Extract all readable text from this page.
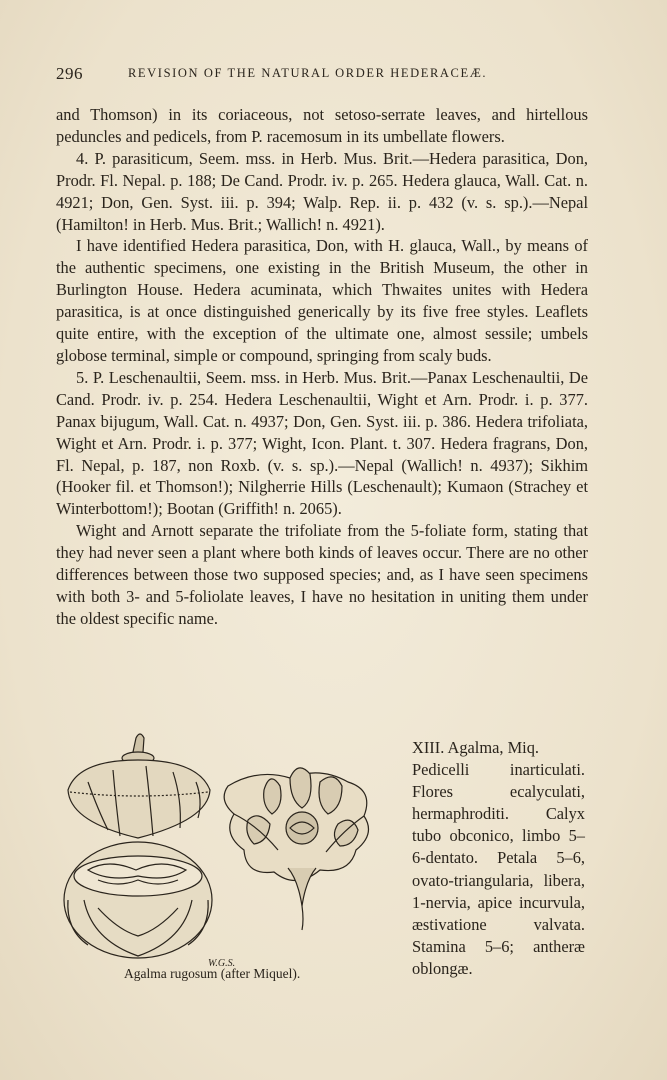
296	REVISION OF THE NATURAL ORDER HEDERACEÆ.

and Thomson) in its coriaceous, not setoso-serrate leaves, and hirtellous peduncles and pedicels, from P. racemosum in its umbellate flowers.

4. P. parasiticum, Seem. mss. in Herb. Mus. Brit.—Hedera parasitica, Don, Prodr. Fl. Nepal. p. 188; De Cand. Prodr. iv. p. 265. Hedera glauca, Wall. Cat. n. 4921; Don, Gen. Syst. iii. p. 394; Walp. Rep. ii. p. 432 (v. s. sp.).—Nepal (Hamilton! in Herb. Mus. Brit.; Wallich! n. 4921).

I have identified Hedera parasitica, Don, with H. glauca, Wall., by means of the authentic specimens, one existing in the British Museum, the other in Burlington House. Hedera acuminata, which Thwaites unites with Hedera parasitica, is at once distinguished generically by its five free styles. Leaflets quite entire, with the exception of the ultimate one, almost sessile; umbels globose terminal, simple or compound, springing from scaly buds.

5. P. Leschenaultii, Seem. mss. in Herb. Mus. Brit.—Panax Leschenaultii, De Cand. Prodr. iv. p. 254. Hedera Leschenaultii, Wight et Arn. Prodr. i. p. 377. Panax bijugum, Wall. Cat. n. 4937; Don, Gen. Syst. iii. p. 386. Hedera trifoliata, Wight et Arn. Prodr. i. p. 377; Wight, Icon. Plant. t. 307. Hedera fragrans, Don, Fl. Nepal, p. 187, non Roxb. (v. s. sp.).—Nepal (Wallich! n. 4937); Sikhim (Hooker fil. et Thomson!); Nilgherrie Hills (Leschenault); Kumaon (Strachey et Winterbottom!); Bootan (Griffith! n. 2065).

Wight and Arnott separate the trifoliate from the 5-foliate form, stating that they had never seen a plant where both kinds of leaves occur. There are no other differences between those two supposed species; and, as I have seen specimens with both 3- and 5-foliolate leaves, I have no hesitation in uniting them under the oldest specific name.

W.G.S.
Agalma rugosum (after Miquel).
XIII. Agalma, Miq.
Pedicelli inarticulati. Flores ecalyculati, hermaphroditi. Calyx tubo obconico, limbo 5–6-dentato. Petala 5–6, ovato-triangularia, libera, 1-nervia, apice incurvula, æstivatione valvata. Stamina 5–6; antheræ oblongæ.
